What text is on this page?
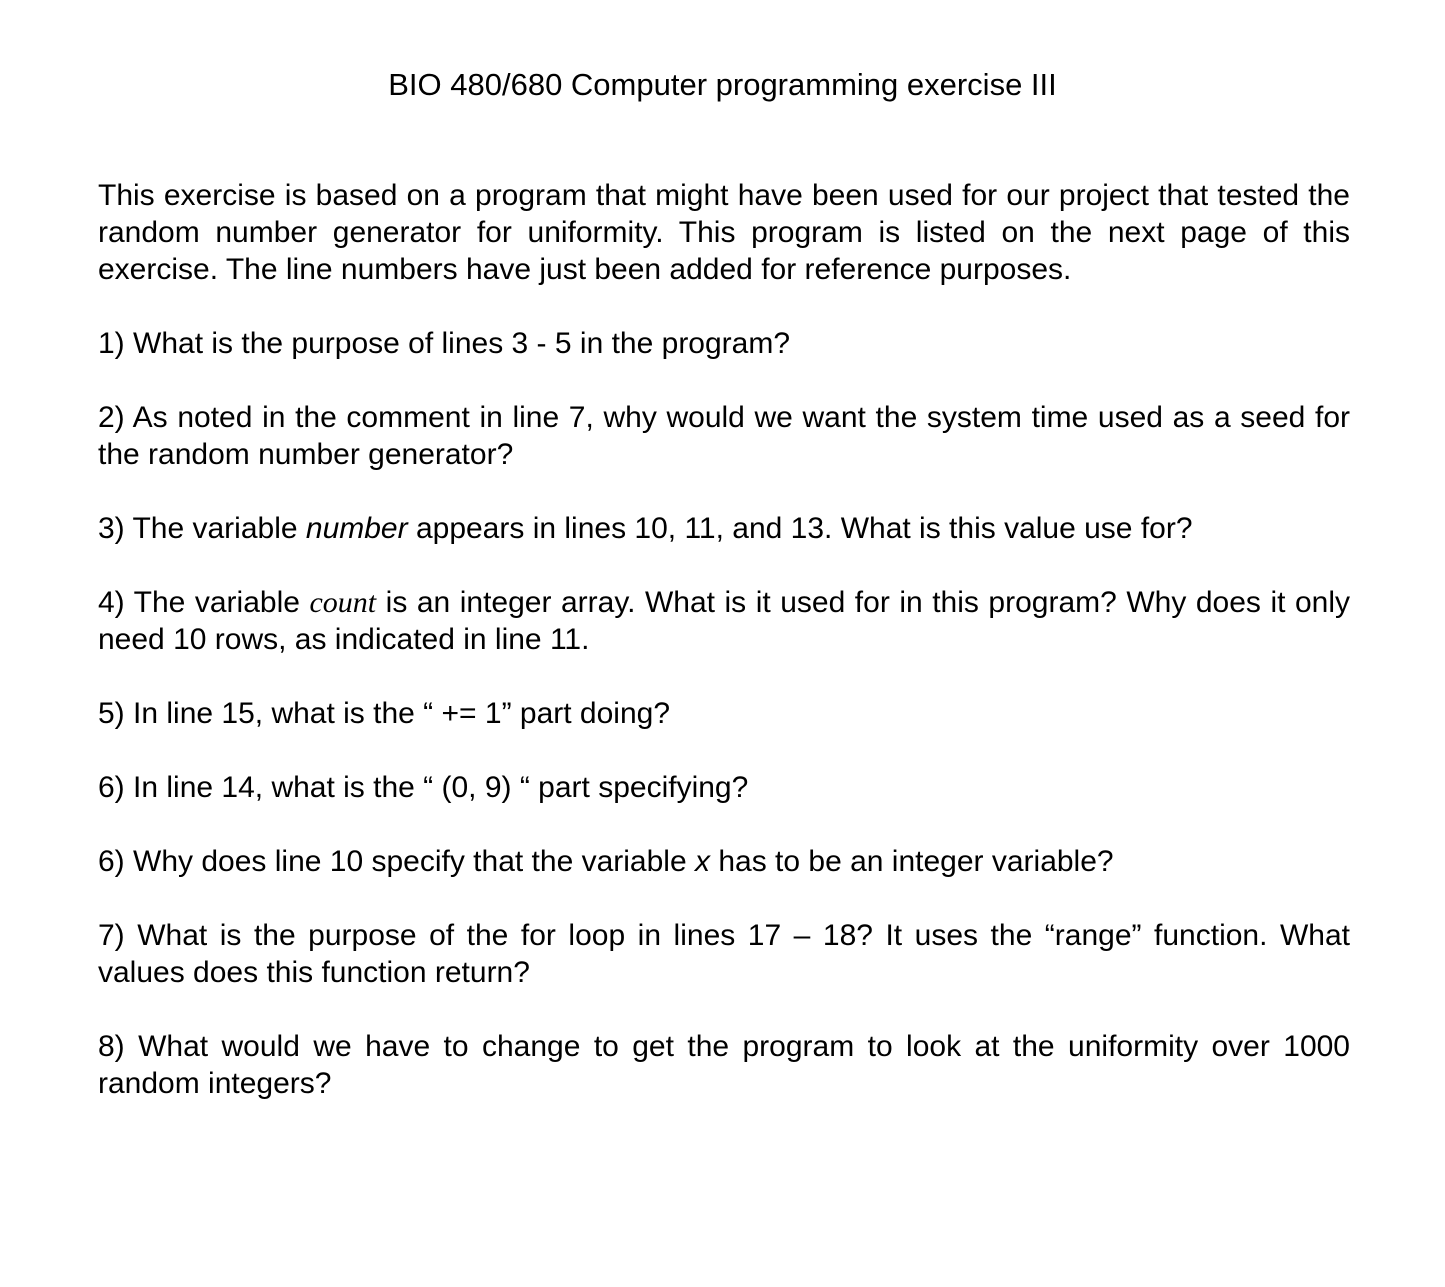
BIO 480/680 Computer programming exercise III

This exercise is based on a program that might have been used for our project that tested the random number generator for uniformity. This program is listed on the next page of this exercise. The line numbers have just been added for reference purposes.

1) What is the purpose of lines 3 - 5 in the program?

2) As noted in the comment in line 7, why would we want the system time used as a seed for the random number generator?

3) The variable number appears in lines 10, 11, and 13. What is this value use for?

4) The variable count is an integer array. What is it used for in this program? Why does it only need 10 rows, as indicated in line 11.

5) In line 15, what is the “ += 1” part doing?

6) In line 14, what is the “ (0, 9) “ part specifying?

6) Why does line 10 specify that the variable x has to be an integer variable?

7) What is the purpose of the for loop in lines 17 – 18? It uses the “range” function. What values does this function return?

8) What would we have to change to get the program to look at the uniformity over 1000 random integers?
